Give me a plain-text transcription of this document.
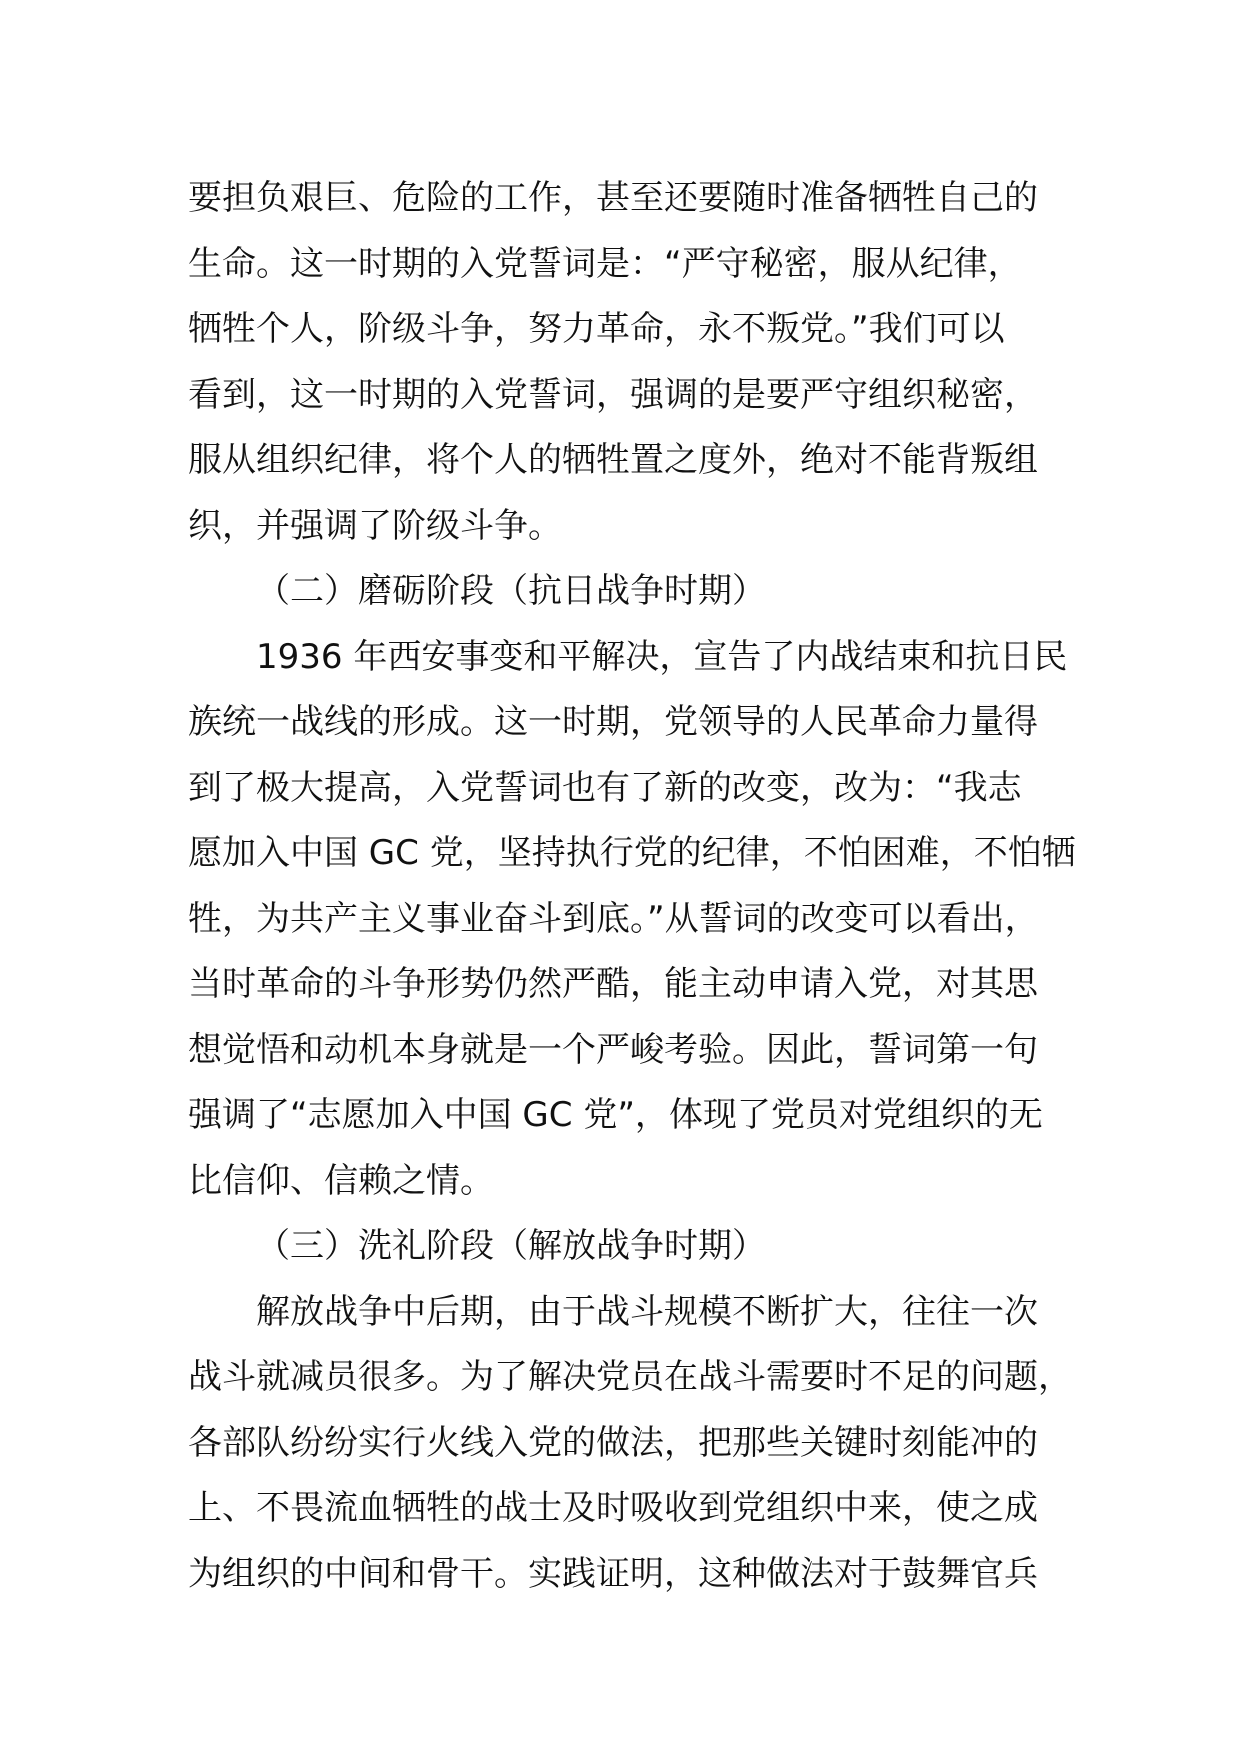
要担负艰巨、危险的工作，甚至还要随时准备牺牲自己的
生命。这一时期的入党誓词是：“严守秘密，服从纪律，
牺牲个人，阶级斗争，努力革命，永不叛党。”我们可以
看到，这一时期的入党誓词，强调的是要严守组织秘密，
服从组织纪律，将个人的牺牲置之度外，绝对不能背叛组
织，并强调了阶级斗争。
（二）磨砺阶段（抗日战争时期）
1936 年西安事变和平解决，宣告了内战结束和抗日民
族统一战线的形成。这一时期，党领导的人民革命力量得
到了极大提高，入党誓词也有了新的改变，改为：“我志
愿加入中国 GC 党，坚持执行党的纪律，不怕困难，不怕牺
牲，为共产主义事业奋斗到底。”从誓词的改变可以看出，
当时革命的斗争形势仍然严酷，能主动申请入党，对其思
想觉悟和动机本身就是一个严峻考验。因此，誓词第一句
强调了“志愿加入中国 GC 党”，体现了党员对党组织的无
比信仰、信赖之情。
（三）洗礼阶段（解放战争时期）
解放战争中后期，由于战斗规模不断扩大，往往一次
战斗就减员很多。为了解决党员在战斗需要时不足的问题，
各部队纷纷实行火线入党的做法，把那些关键时刻能冲的
上、不畏流血牺牲的战士及时吸收到党组织中来，使之成
为组织的中间和骨干。实践证明，这种做法对于鼓舞官兵
